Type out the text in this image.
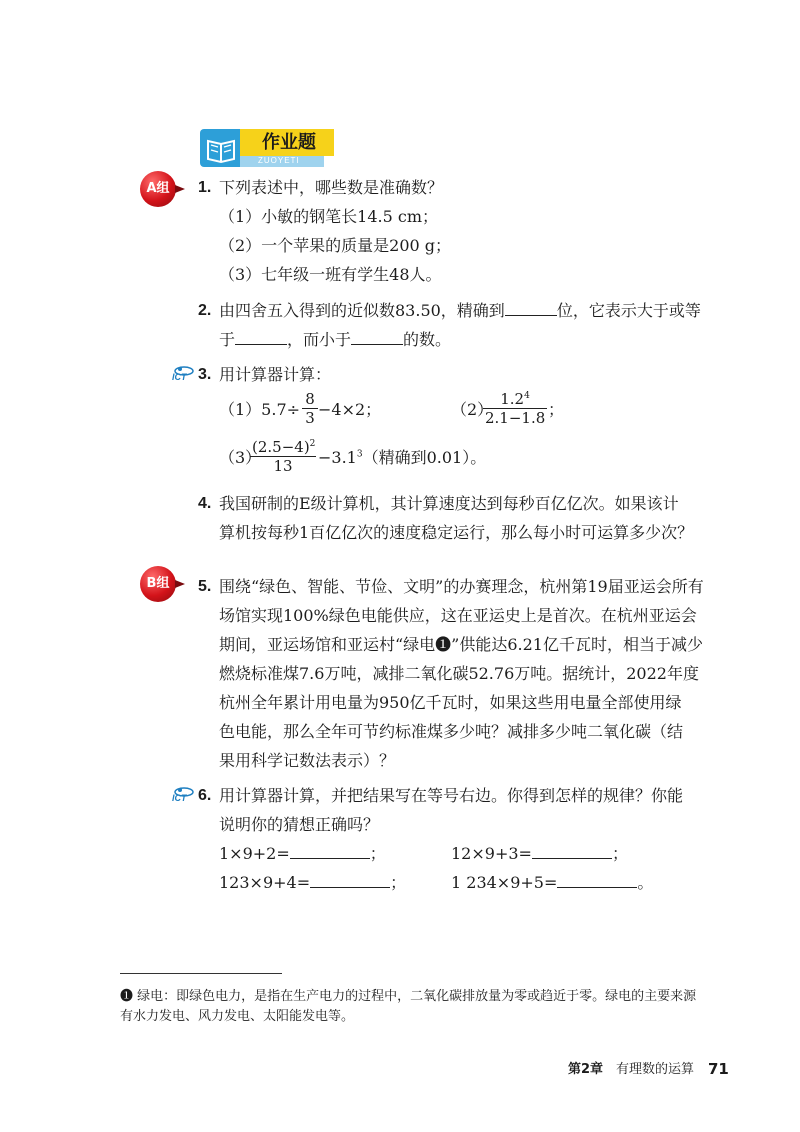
作业题
ZUOYETI
A组	1. 下列表述中，哪些数是准确数？
（1）小敏的钢笔长14.5 cm；
（2）一个苹果的质量是200 g；
（3）七年级一班有学生48人。
2. 由四舍五入得到的近似数83.50，精确到	位，它表示大于或等
于	，而小于	的数。
ICT 3. 用计算器计算：
$(1)5.7\div \frac{8}{3} -4\times 2$；	（2）
$\frac{1.2^4}{2.1-1.8}$ ；
（3）
$\frac{(2.5-4)^2}{13} -3.1^3$（精确到0.01）。
4. 我国研制的E级计算机，其计算速度达到每秒百亿亿次。如果该计
算机按每秒1百亿亿次的速度稳定运行，那么每小时可运算多少次？
B组	5. 围绕“绿色、智能、节俭、文明”的办赛理念，杭州第19届亚运会所有
场馆实现100%绿色电能供应，这在亚运史上是首次。在杭州亚运会
期间，亚运场馆和亚运村“绿电❶”供能达6.21亿千瓦时，相当于减少
燃烧标准煤7.6万吨，减排二氧化碳52.76万吨。据统计，2022年度
杭州全年累计用电量为950亿千瓦时，如果这些用电量全部使用绿
色电能，那么全年可节约标准煤多少吨？减排多少吨二氧化碳（结
果用科学记数法表示）？
ICT 6. 用计算器计算，并把结果写在等号右边。你得到怎样的规律？你能
说明你的猜想正确吗？
1×9+2=	；	12×9+3=	；
123×9+4=	；	1 234×9+5=	。
❶ 绿电：即绿色电力，是指在生产电力的过程中，二氧化碳排放量为零或趋近于零。绿电的主要来源
有水力发电、风力发电、太阳能发电等。
第2章 有理数的运算 71
